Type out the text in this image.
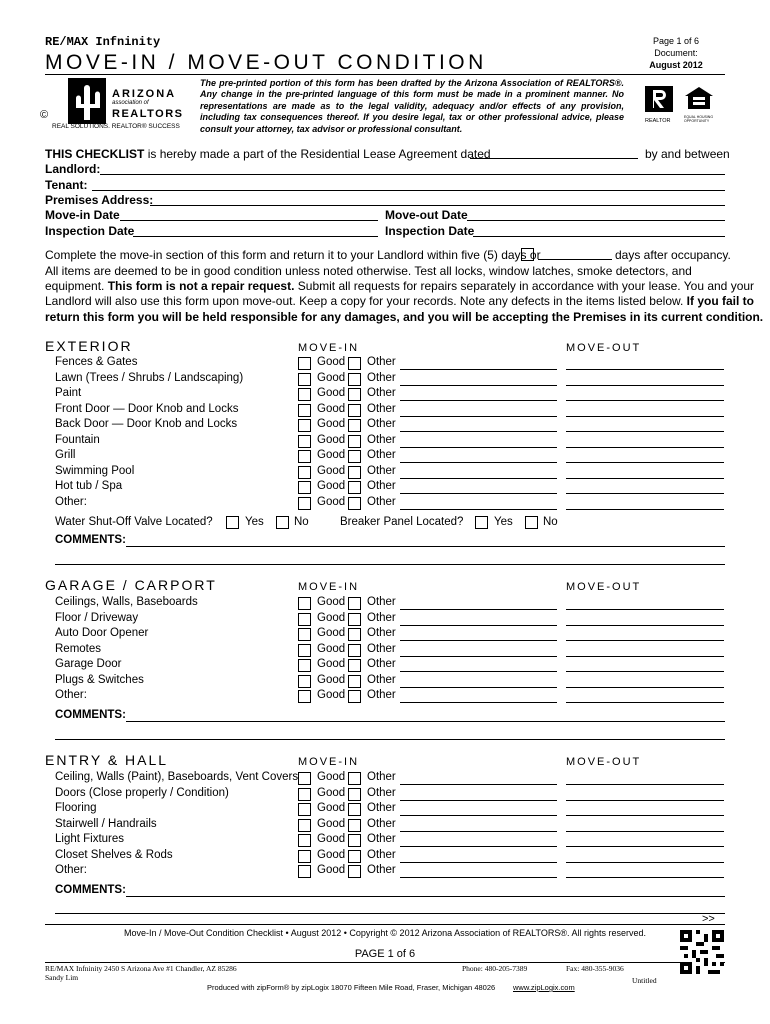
RE/MAX Infninity
MOVE-IN / MOVE-OUT CONDITION
Page 1 of 6
Document:
August 2012
ARIZONA
association of
REALTORS
©
REAL SOLUTIONS. REALTOR® SUCCESS
The pre-printed portion of this form has been drafted by the Arizona Association of REALTORS®. Any change in the pre-printed language of this form must be made in a prominent manner. No representations are made as to the legal validity, adequacy and/or effects of any provision, including tax consequences thereof. If you desire legal, tax or other professional advice, please consult your attorney, tax advisor or professional consultant.
REALTOR
EQUAL HOUSING OPPORTUNITY
THIS CHECKLIST is hereby made a part of the Residential Lease Agreement dated	by and between
Landlord:
Tenant:
Premises Address:
Move-in Date	Move-out Date
Inspection Date	Inspection Date
Complete the move-in section of this form and return it to your Landlord within five (5) days or	days after occupancy.
All items are deemed to be in good condition unless noted otherwise. Test all locks, window latches, smoke detectors, and
equipment. This form is not a repair request. Submit all requests for repairs separately in accordance with your lease. You and your
Landlord will also use this form upon move-out. Keep a copy for your records. Note any defects in the items listed below. If you fail to
return this form you will be held responsible for any damages, and you will be accepting the Premises in its current condition.
EXTERIOR	MOVE-IN	MOVE-OUT
Fences & Gates	Good Other
Lawn (Trees / Shrubs / Landscaping)	Good Other
Paint	Good Other
Front Door — Door Knob and Locks	Good Other
Back Door — Door Knob and Locks	Good Other
Fountain	Good Other
Grill	Good Other
Swimming Pool	Good Other
Hot tub / Spa	Good Other
Other:	Good Other
Water Shut-Off Valve Located?	Yes	No	Breaker Panel Located?	Yes	No
COMMENTS:
GARAGE / CARPORT	MOVE-IN	MOVE-OUT
Ceilings, Walls, Baseboards	Good Other
Floor / Driveway	Good Other
Auto Door Opener	Good Other
Remotes	Good Other
Garage Door	Good Other
Plugs & Switches	Good Other
Other:	Good Other
COMMENTS:
ENTRY & HALL	MOVE-IN	MOVE-OUT
Ceiling, Walls (Paint), Baseboards, Vent Covers Good Other
Doors (Close properly / Condition)	Good Other
Flooring	Good Other
Stairwell / Handrails	Good Other
Light Fixtures	Good Other
Closet Shelves & Rods	Good Other
Other:	Good Other
COMMENTS:
>>
Move-In / Move-Out Condition Checklist • August 2012 • Copyright © 2012 Arizona Association of REALTORS®. All rights reserved.
PAGE 1 of 6
RE/MAX Infninity 2450 S Arizona Ave #1 Chandler, AZ 85286
Sandy Lim
Phone: 480-205-7389	Fax: 480-355-9036
Untitled
Produced with zipForm® by zipLogix 18070 Fifteen Mile Road, Fraser, Michigan 48026 www.zipLogix.com
